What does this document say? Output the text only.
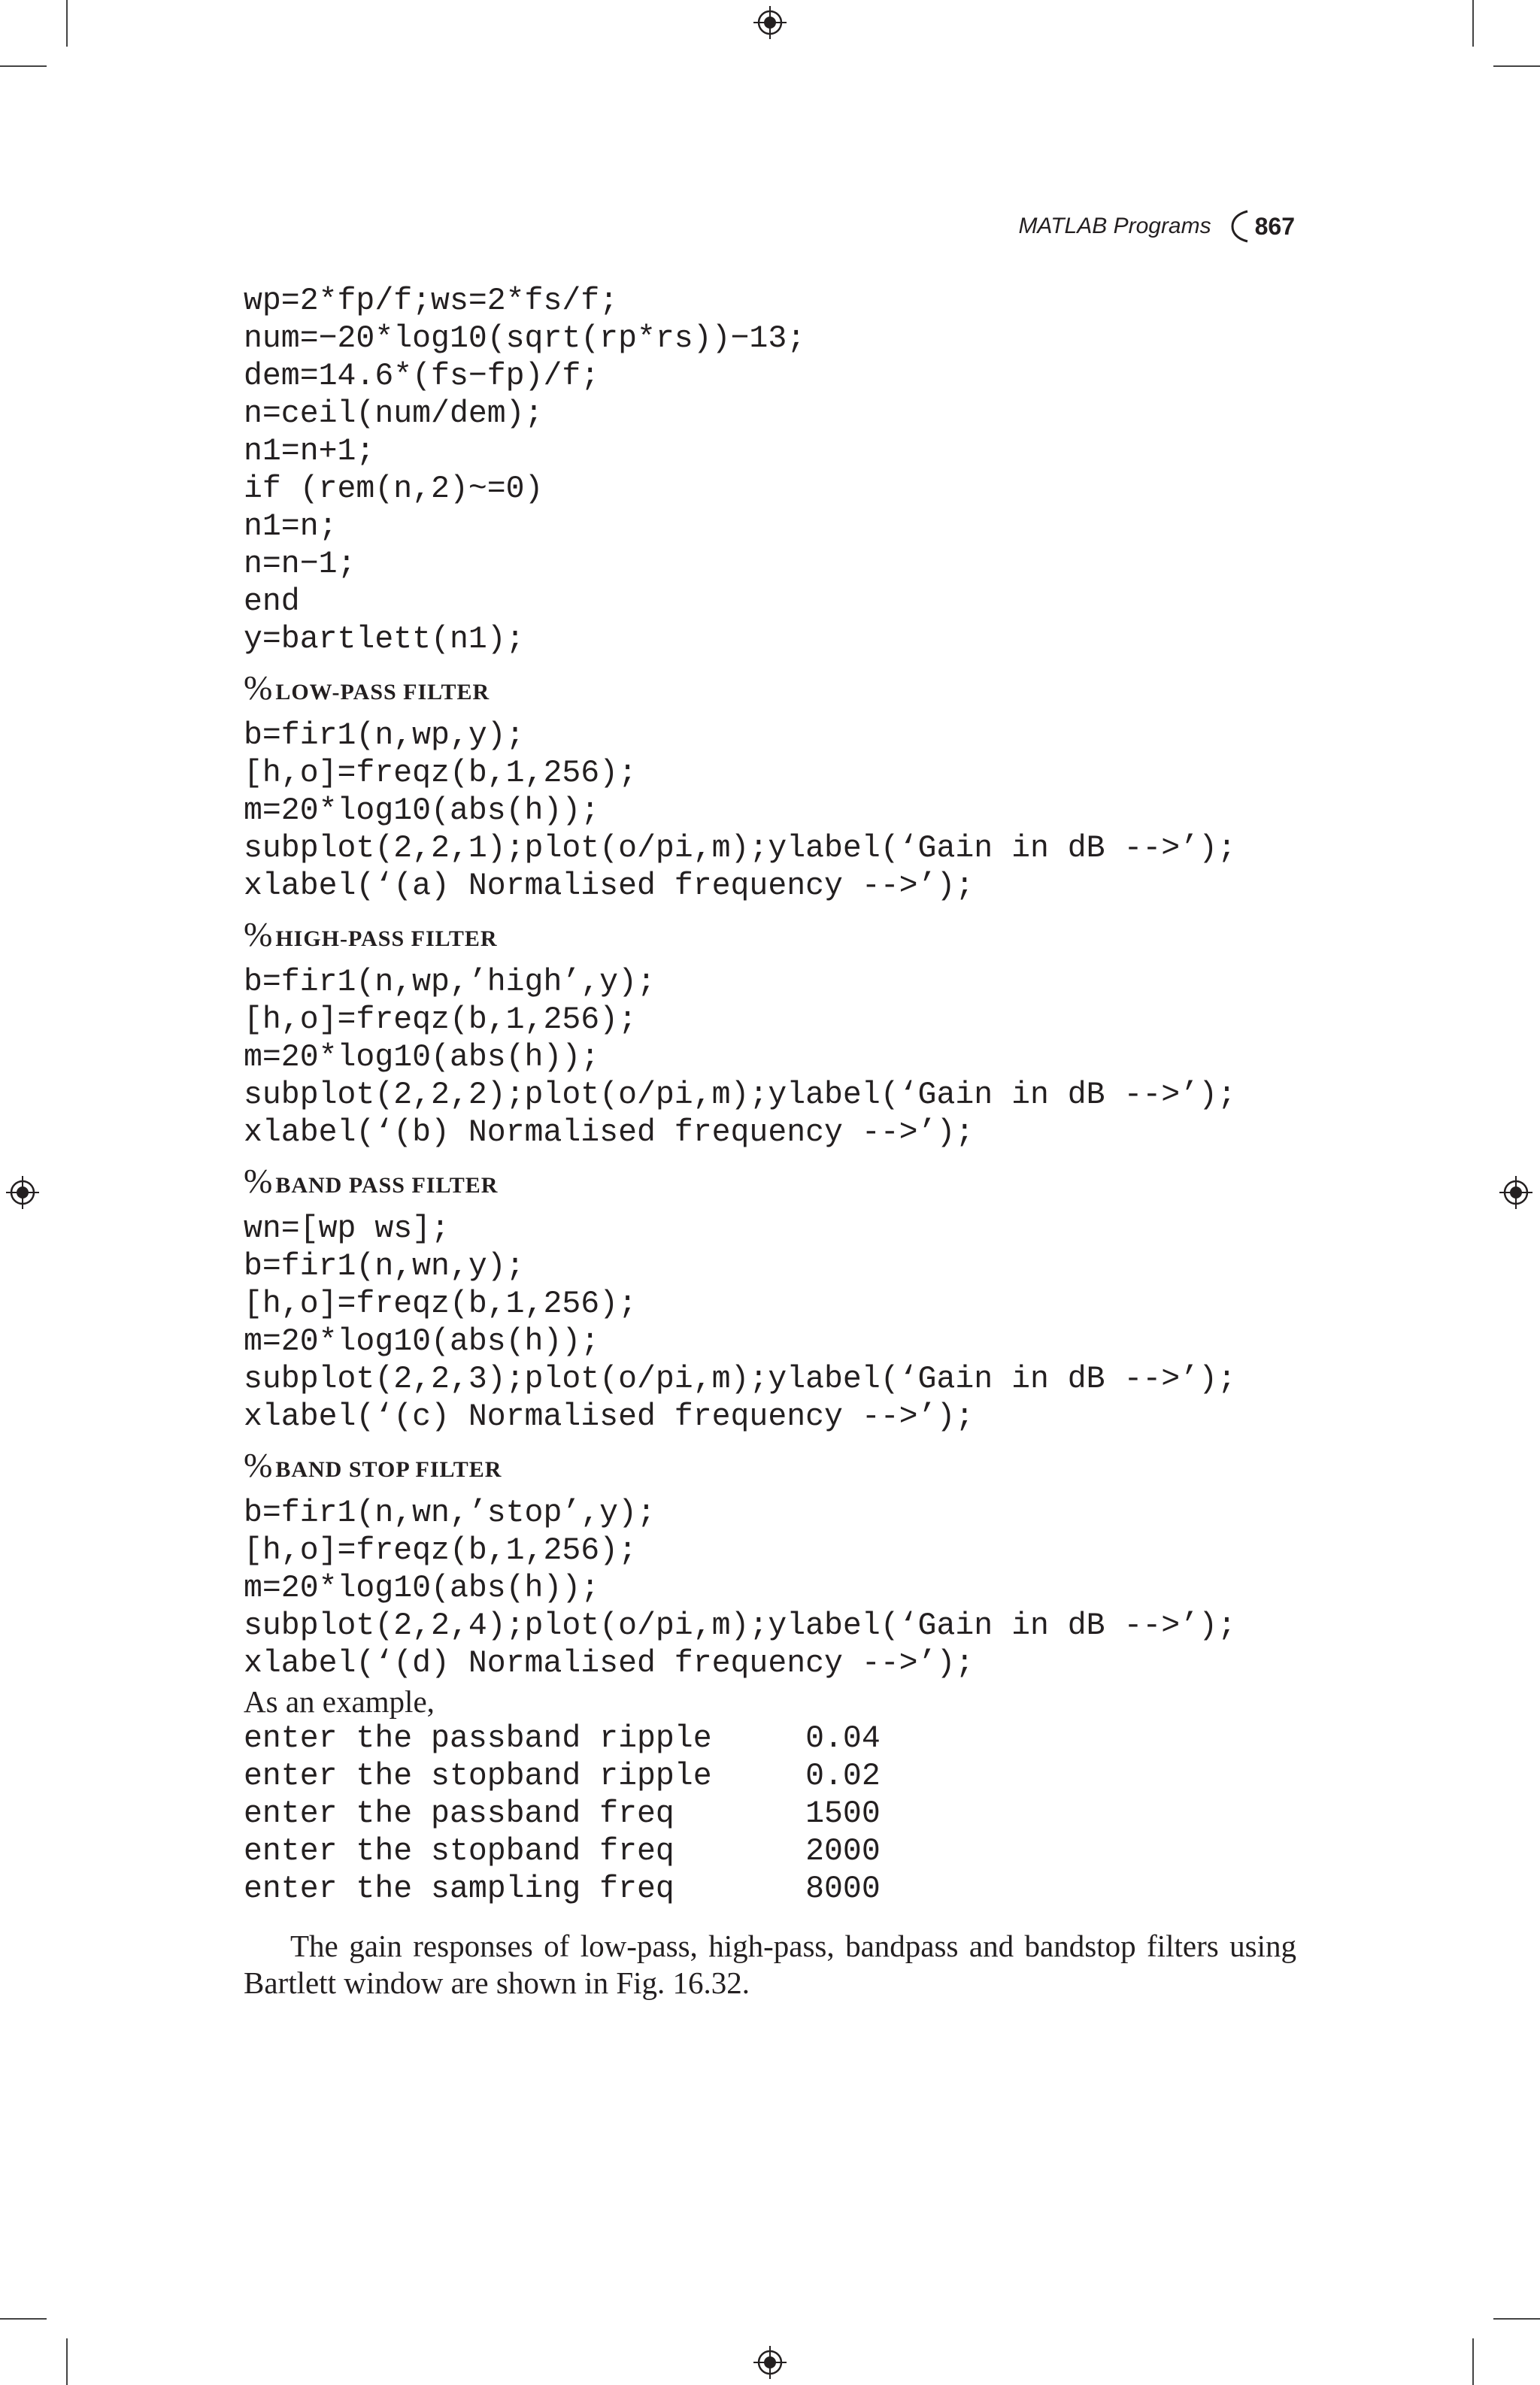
MATLAB Programs 867
wp=2*fp/f;ws=2*fs/f;
num=−20*log10(sqrt(rp*rs))−13;
dem=14.6*(fs−fp)/f;
n=ceil(num/dem);
n1=n+1;
if (rem(n,2)~=0)
n1=n;
n=n−1;
end
y=bartlett(n1);
% LOW-PASS FILTER
b=fir1(n,wp,y);
[h,o]=freqz(b,1,256);
m=20*log10(abs(h));
subplot(2,2,1);plot(o/pi,m);ylabel(‘Gain in dB -->’);
xlabel(‘(a) Normalised frequency -->’);
% HIGH-PASS FILTER
b=fir1(n,wp,’high’,y);
[h,o]=freqz(b,1,256);
m=20*log10(abs(h));
subplot(2,2,2);plot(o/pi,m);ylabel(‘Gain in dB -->’);
xlabel(‘(b) Normalised frequency -->’);
% BAND PASS FILTER
wn=[wp ws];
b=fir1(n,wn,y);
[h,o]=freqz(b,1,256);
m=20*log10(abs(h));
subplot(2,2,3);plot(o/pi,m);ylabel(‘Gain in dB -->’);
xlabel(‘(c) Normalised frequency -->’);
% BAND STOP FILTER
b=fir1(n,wn,’stop’,y);
[h,o]=freqz(b,1,256);
m=20*log10(abs(h));
subplot(2,2,4);plot(o/pi,m);ylabel(‘Gain in dB -->’);
xlabel(‘(d) Normalised frequency -->’);

As an example,

enter the passband ripple     0.04
enter the stopband ripple     0.02
enter the passband freq       1500
enter the stopband freq       2000
enter the sampling freq       8000

The gain responses of low-pass, high-pass, bandpass and bandstop filters using Bartlett window are shown in Fig. 16.32.
